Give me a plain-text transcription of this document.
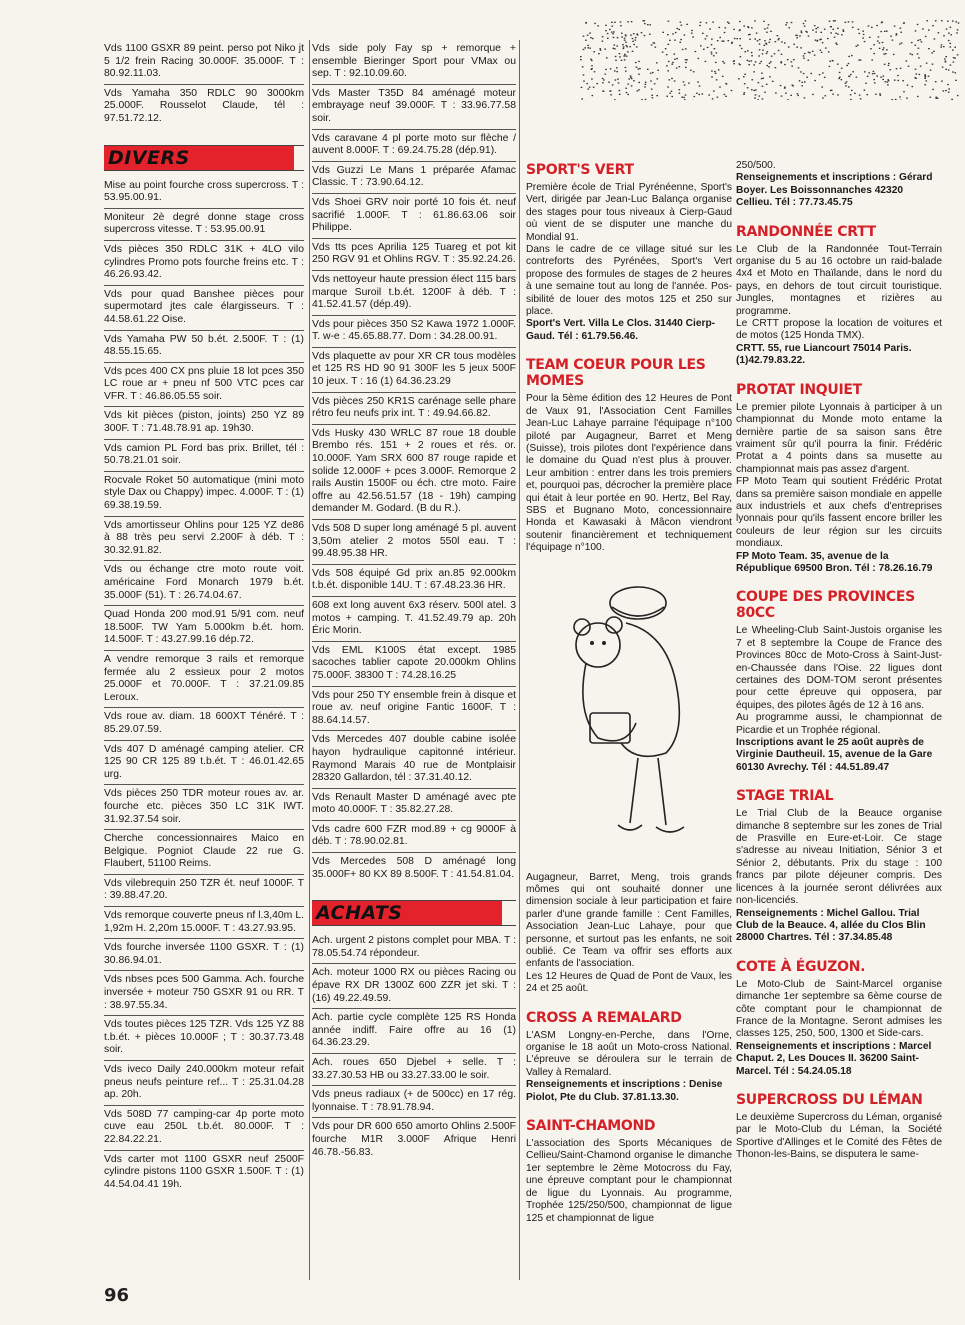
Vds 1100 GSXR 89 peint. perso pot Niko jt 5 1/2 frein Racing 30.000F. 35.000F. T : 80.92.11.03.
Vds Yamaha 350 RDLC 90 3000km 25.000F. Rousselot Claude, tél : 97.51.72.12.
DIVERS
Mise au point fourche cross supercross. T : 53.95.00.91.
Moniteur 2è degré donne stage cross supercross vitesse. T : 53.95.00.91
Vds pièces 350 RDLC 31K + 4LO vilo cylindres Promo pots fourche freins etc. T : 46.26.93.42.
Vds pour quad Banshee pièces pour supermotard jtes cale élargisseurs. T : 44.58.61.22 Oise.
Vds Yamaha PW 50 b.ét. 2.500F. T : (1) 48.55.15.65.
Vds pces 400 CX pns pluie 18 lot pces 350 LC roue ar + pneu nf 500 VTC pces car VFR. T : 46.86.05.55 soir.
Vds kit pièces (piston, joints) 250 YZ 89 300F. T : 71.48.78.91 ap. 19h30.
Vds camion PL Ford bas prix. Brillet, tél : 50.78.21.01 soir.
Rocvale Roket 50 automatique (mini moto style Dax ou Chappy) impec. 4.000F. T : (1) 69.38.19.59.
Vds amortisseur Ohlins pour 125 YZ de86 à 88 très peu servi 2.200F à déb. T : 30.32.91.82.
Vds ou échange ctre moto route voit. américaine Ford Monarch 1979 b.ét. 35.000F (51). T : 26.74.04.67.
Quad Honda 200 mod.91 5/91 com. neuf 18.500F. TW Yam 5.000km b.ét. hom. 14.500F. T : 43.27.99.16 dép.72.
A vendre remorque 3 rails et remorque fermée alu 2 essieux pour 2 motos 25.000F et 70.000F. T : 37.21.09.85 Leroux.
Vds roue av. diam. 18 600XT Ténéré. T : 85.29.07.59.
Vds 407 D aménagé camping atelier. CR 125 90 CR 125 89 t.b.ét. T : 46.01.42.65 urg.
Vds pièces 250 TDR moteur roues av. ar. fourche etc. pièces 350 LC 31K IWT. 31.92.37.54 soir.
Cherche concessionnaires Maico en Belgique. Pogniot Claude 22 rue G. Flaubert, 51100 Reims.
Vds vilebrequin 250 TZR ét. neuf 1000F. T : 39.88.47.20.
Vds remorque couverte pneus nf l.3,40m L. 1,92m H. 2,20m 15.000F. T : 43.27.93.95.
Vds fourche inversée 1100 GSXR. T : (1) 30.86.94.01.
Vds nbses pces 500 Gamma. Ach. fourche inversée + moteur 750 GSXR 91 ou RR. T : 38.97.55.34.
Vds toutes pièces 125 TZR. Vds 125 YZ 88 t.b.ét. + pièces 10.000F ; T : 30.37.73.48 soir.
Vds iveco Daily 240.000km moteur refait pneus neufs peinture ref... T : 25.31.04.28 ap. 20h.
Vds 508D 77 camping-car 4p porte moto cuve eau 250L t.b.ét. 80.000F. T : 22.84.22.21.
Vds carter mot 1100 GSXR neuf 2500F cylindre pistons 1100 GSXR 1.500F. T : (1) 44.54.04.41 19h.
Vds side poly Fay sp + remorque + ensemble Bieringer Sport pour VMax ou sep. T : 92.10.09.60.
Vds Master T35D 84 aménagé moteur embrayage neuf 39.000F. T : 33.96.77.58 soir.
Vds caravane 4 pl porte moto sur flèche / auvent 8.000F. T : 69.24.75.28 (dép.91).
Vds Guzzi Le Mans 1 préparée Afamac Classic. T : 73.90.64.12.
Vds Shoei GRV noir porté 10 fois ét. neuf sacrifié 1.000F. T : 61.86.63.06 soir Philippe.
Vds tts pces Aprilia 125 Tuareg et pot kit 250 RGV 91 et Ohlins RGV. T : 35.92.24.26.
Vds nettoyeur haute pression élect 115 bars marque Suroil t.b.ét. 1200F à déb. T : 41.52.41.57 (dép.49).
Vds pour pièces 350 S2 Kawa 1972 1.000F. T. w-e : 45.65.88.77. Dom : 34.28.00.91.
Vds plaquette av pour XR CR tous modèles et 125 RS HD 90 91 300F les 5 jeux 500F 10 jeux. T : 16 (1) 64.36.23.29
Vds pièces 250 KR1S carénage selle phare rétro feu neufs prix int. T : 49.94.66.82.
Vds Husky 430 WRLC 87 roue 18 double Brembo rés. 151 + 2 roues et rés. or. 10.000F. Yam SRX 600 87 rouge rapide et solide 12.000F + pces 3.000F. Remorque 2 rails Austin 1500F ou éch. ctre moto. Faire offre au 42.56.51.57 (18 - 19h) camping demander M. Godard. (B du R.).
Vds 508 D super long aménagé 5 pl. auvent 3,50m atelier 2 motos 550l eau. T : 99.48.95.38 HR.
Vds 508 équipé Gd prix an.85 92.000km t.b.ét. disponible 14U. T : 67.48.23.36 HR.
608 ext long auvent 6x3 réserv. 500l atel. 3 motos + camping. T. 41.52.49.79 ap. 20h Éric Morin.
Vds EML K100S état except. 1985 sacoches tablier capote 20.000km Ohlins 75.000F. 38300 T : 74.28.16.25
Vds pour 250 TY ensemble frein à disque et roue av. neuf origine Fantic 1600F. T : 88.64.14.57.
Vds Mercedes 407 double cabine isolée hayon hydraulique capitonné intérieur. Raymond Marais 40 rue de Montplaisir 28320 Gallardon, tél : 37.31.40.12.
Vds Renault Master D aménagé avec pte moto 40.000F. T : 35.82.27.28.
Vds cadre 600 FZR mod.89 + cg 9000F à déb. T : 78.90.02.81.
Vds Mercedes 508 D aménagé long 35.000F+ 80 KX 89 8.500F. T : 41.54.81.04.
ACHATS
Ach. urgent 2 pistons complet pour MBA. T : 78.05.54.74 répondeur.
Ach. moteur 1000 RX ou pièces Racing ou épave RX DR 1300Z 600 ZZR jet ski. T : (16) 49.22.49.59.
Ach. partie cycle complète 125 RS Honda année indiff. Faire offre au 16 (1) 64.36.23.29.
Ach. roues 650 Djebel + selle. T : 33.27.30.53 HB ou 33.27.33.00 le soir.
Vds pneus radiaux (+ de 500cc) en 17 rég. lyonnaise. T : 78.91.78.94.
Vds pour DR 600 650 amorto Ohlins 2.500F fourche M1R 3.000F Afrique Henri 46.78.-56.83.
SPORT'S VERT

Première école de Trial Pyrénéenne, Sport's Vert, dirigée par Jean-Luc Balança organise des stages pour tous niveaux à Cierp-Gaud où vient de se disputer une manche du Mondial 91.

Dans le cadre de ce village situé sur les contreforts des Pyrénées, Sport's Vert propose des formules de stages de 2 heures à une semaine tout au long de l'année. Pos-sibilité de louer des motos 125 et 250 sur place.

Sport's Vert. Villa Le Clos. 31440 Cierp-Gaud. Tél : 61.79.56.46.

TEAM COEUR POUR LES MOMES

Pour la 5ème édition des 12 Heures de Pont de Vaux 91, l'Association Cent Familles Jean-Luc Lahaye parraine l'équipage n°100 piloté par Augagneur, Barret et Meng (Suisse), trois pilotes dont l'expérience dans le domaine du Quad n'est plus à prouver. Leur ambition : entrer dans les trois premiers et, pourquoi pas, décrocher la première place qui était à leur portée en 90. Hertz, Bel Ray, SBS et Bugnano Moto, concessionnaire Honda et Kawasaki à Mâcon viendront soutenir financièrement et techniquement l'équipage n°100.

Augagneur, Barret, Meng, trois grands mômes qui ont souhaité donner une dimension sociale à leur participation et faire parler d'une grande famille : Cent Familles, Association Jean-Luc Lahaye, pour que personne, et surtout pas les enfants, ne soit oublié. Ce Team va offrir ses efforts aux enfants de l'association.

Les 12 Heures de Quad de Pont de Vaux, les 24 et 25 août.

CROSS A REMALARD

L'ASM Longny-en-Perche, dans l'Orne, organise le 18 août un Moto-cross National. L'épreuve se déroulera sur le terrain de Valley à Remalard.

Renseignements et inscriptions : Denise Piolot, Pte du Club. 37.81.13.30.

SAINT-CHAMOND

L'association des Sports Mécaniques de Cellieu/Saint-Chamond organise le dimanche 1er septembre le 2ème Motocross du Fay, une épreuve comptant pour le championnat de ligue du Lyonnais. Au programme, Trophée 125/250/500, championnat de ligue 125 et championnat de ligue

250/500.

Renseignements et inscriptions : Gérard Boyer. Les Boissonnanches 42320 Cellieu. Tél : 77.73.45.75

RANDONNÉE CRTT

Le Club de la Randonnée Tout-Terrain organise du 5 au 16 octobre un raid-balade 4x4 et Moto en Thaïlande, dans le nord du pays, en dehors de tout circuit touristique. Jungles, montagnes et rizières au programme.

Le CRTT propose la location de voitures et de motos (125 Honda TMX).

CRTT. 55, rue Liancourt 75014 Paris. (1)42.79.83.22.

PROTAT INQUIET

Le premier pilote Lyonnais à participer à un championnat du Monde moto entame la dernière partie de sa saison sans être vraiment sûr qu'il pourra la finir. Frédéric Protat a 4 points dans sa musette au championnat mais pas assez d'argent.

FP Moto Team qui soutient Frédéric Protat dans sa première saison mondiale en appelle aux industriels et aux chefs d'entreprises lyonnais pour qu'ils fassent encore briller les couleurs de leur région sur les circuits mondiaux.

FP Moto Team. 35, avenue de la République 69500 Bron. Tél : 78.26.16.79

COUPE DES PROVINCES 80CC

Le Wheeling-Club Saint-Justois organise les 7 et 8 septembre la Coupe de France des Provinces 80cc de Moto-Cross à Saint-Just-en-Chaussée dans l'Oise. 22 ligues dont certaines des DOM-TOM seront présentes pour cette épreuve qui opposera, par équipes, des pilotes âgés de 12 à 16 ans.

Au programme aussi, le championnat de Picardie et un Trophée régional.

Inscriptions avant le 25 août auprès de Virginie Dautheuil. 15, avenue de la Gare 60130 Avrechy. Tél : 44.51.89.47

STAGE TRIAL

Le Trial Club de la Beauce organise dimanche 8 septembre sur les zones de Trial de Prasville en Eure-et-Loir. Ce stage s'adresse au niveau Initiation, Sénior 3 et Sénior 2, débutants. Prix du stage : 100 francs par pilote déjeuner compris. Des licences à la journée seront délivrées aux non-licenciés.

Renseignements : Michel Gallou. Trial Club de la Beauce. 4, allée du Clos Blin 28000 Chartres. Tél : 37.34.85.48

COTE À ÉGUZON.

Le Moto-Club de Saint-Marcel organise dimanche 1er septembre sa 6ème course de côte comptant pour le championnat de France de la Montagne. Seront admises les classes 125, 250, 500, 1300 et Side-cars.

Renseignements et inscriptions : Marcel Chaput. 2, Les Douces II. 36200 Saint-Marcel. Tél : 54.24.05.18

SUPERCROSS DU LÉMAN

Le deuxième Supercross du Léman, organisé par le Moto-Club du Léman, la Société Sportive d'Allinges et le Comité des Fêtes de Thonon-les-Bains, se disputera le same-

96
